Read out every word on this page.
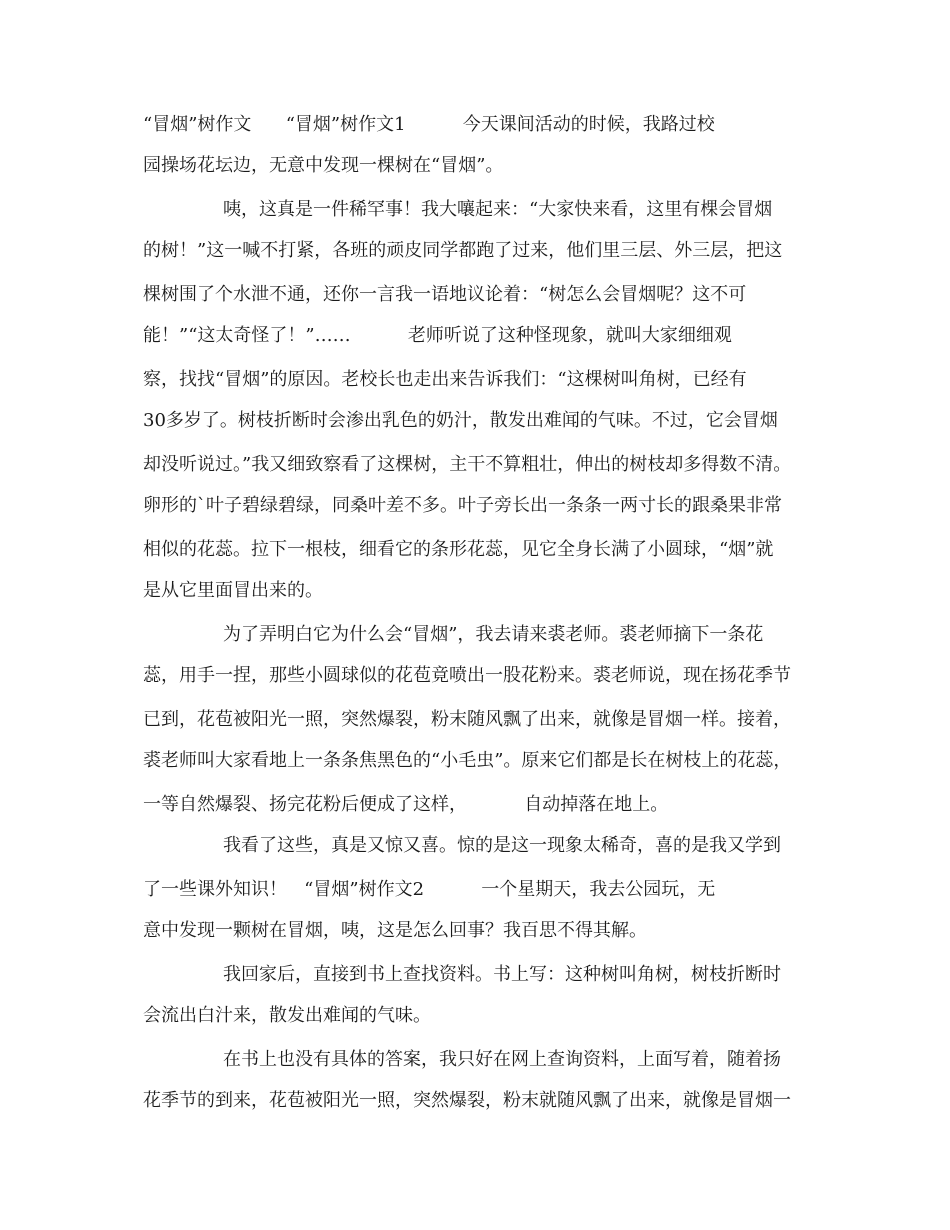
“冒烟”树作文      “冒烟”树作文1          今天课间活动的时候，我路过校
园操场花坛边，无意中发现一棵树在“冒烟”。
咦，这真是一件稀罕事！我大嚷起来：“大家快来看，这里有棵会冒烟
的树！”这一喊不打紧，各班的顽皮同学都跑了过来，他们里三层、外三层，把这
棵树围了个水泄不通，还你一言我一语地议论着：“树怎么会冒烟呢？这不可
能！”“这太奇怪了！”……          老师听说了这种怪现象，就叫大家细细观
察，找找“冒烟”的原因。老校长也走出来告诉我们：“这棵树叫角树，已经有
30多岁了。树枝折断时会渗出乳色的奶汁，散发出难闻的气味。不过，它会冒烟
却没听说过。”我又细致察看了这棵树，主干不算粗壮，伸出的树枝却多得数不清。
卵形的`叶子碧绿碧绿，同桑叶差不多。叶子旁长出一条条一两寸长的跟桑果非常
相似的花蕊。拉下一根枝，细看它的条形花蕊，见它全身长满了小圆球，“烟”就
是从它里面冒出来的。
为了弄明白它为什么会“冒烟”，我去请来裘老师。裘老师摘下一条花
蕊，用手一捏，那些小圆球似的花苞竟喷出一股花粉来。裘老师说，现在扬花季节
已到，花苞被阳光一照，突然爆裂，粉末随风飘了出来，就像是冒烟一样。接着，
裘老师叫大家看地上一条条焦黑色的“小毛虫”。原来它们都是长在树枝上的花蕊，
一等自然爆裂、扬完花粉后便成了这样，          自动掉落在地上。
我看了这些，真是又惊又喜。惊的是这一现象太稀奇，喜的是我又学到
了一些课外知识！   “冒烟”树作文2          一个星期天，我去公园玩，无
意中发现一颗树在冒烟，咦，这是怎么回事？我百思不得其解。
我回家后，直接到书上查找资料。书上写：这种树叫角树，树枝折断时
会流出白汁来，散发出难闻的气味。
在书上也没有具体的答案，我只好在网上查询资料，上面写着，随着扬
花季节的到来，花苞被阳光一照，突然爆裂，粉末就随风飘了出来，就像是冒烟一
